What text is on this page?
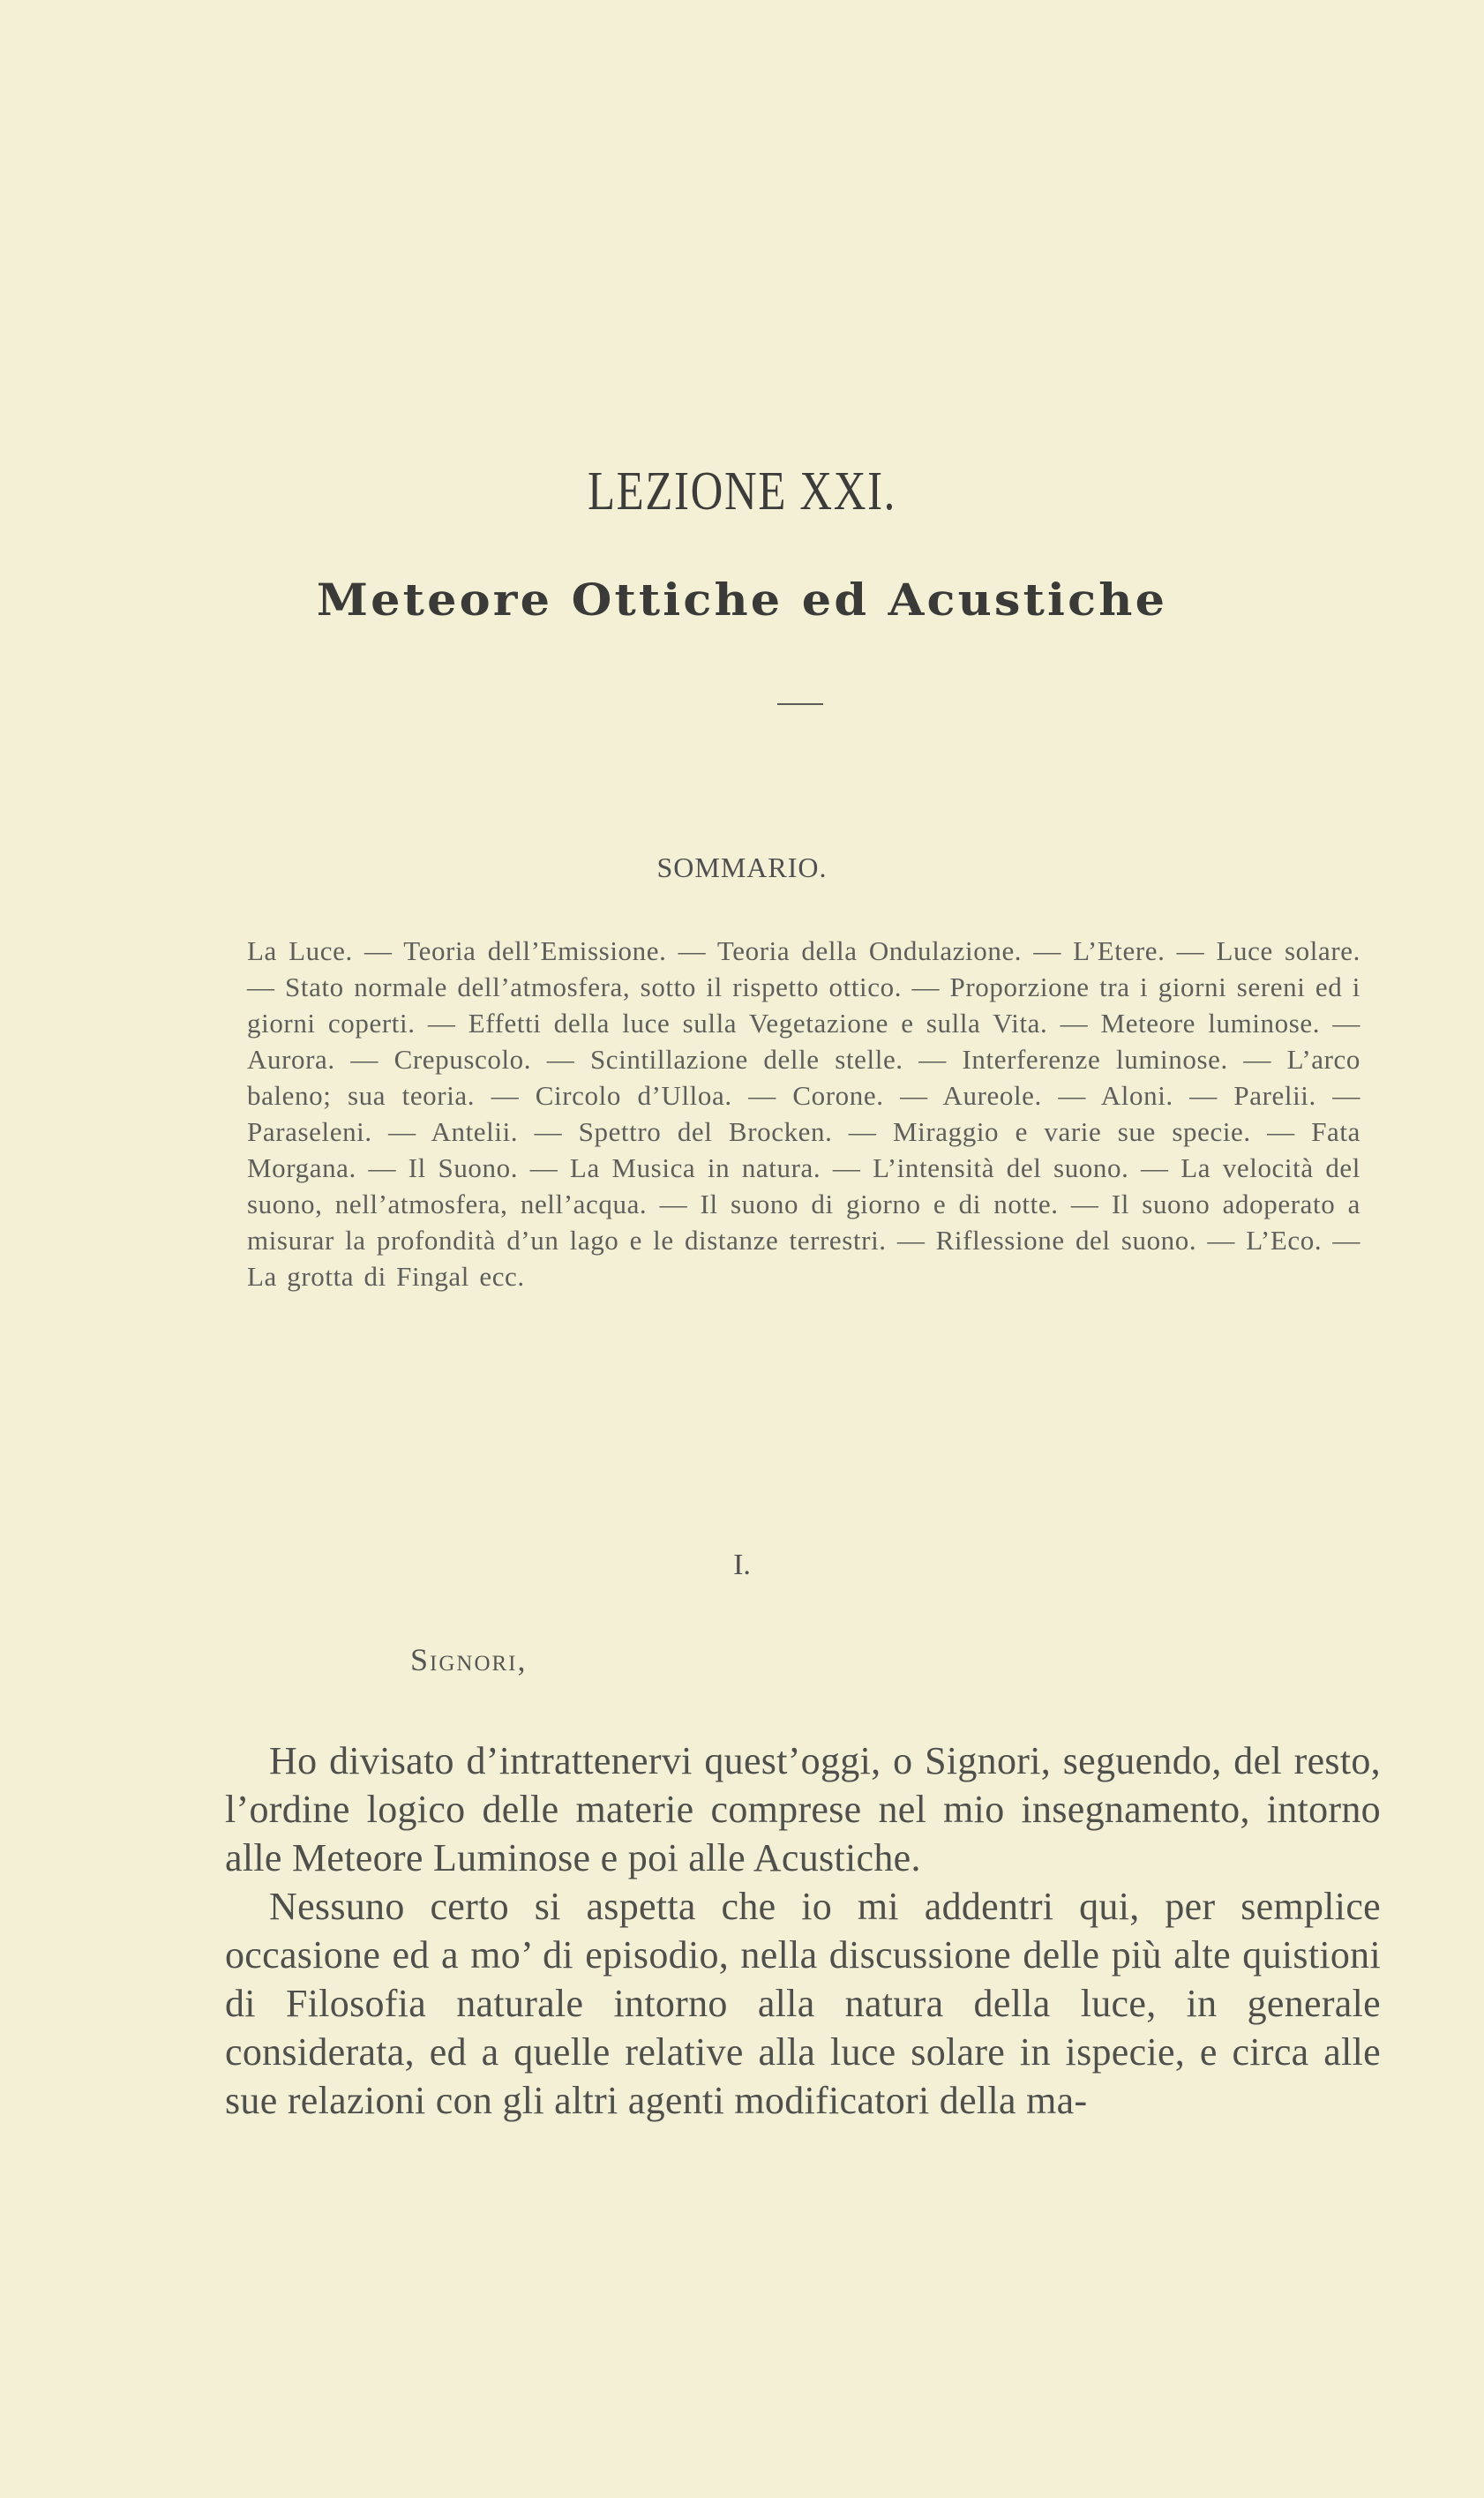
LEZIONE XXI.
Meteore Ottiche ed Acustiche
SOMMARIO.
La Luce. — Teoria dell’Emissione. — Teoria della Ondulazione. — L’Etere. — Luce solare. — Stato normale dell’atmosfera, sotto il rispetto ottico. — Proporzione tra i giorni sereni ed i giorni coperti. — Effetti della luce sulla Vegetazione e sulla Vita. — Meteore luminose. — Aurora. — Crepuscolo. — Scintillazione delle stelle. — Interferenze luminose. — L’arco baleno; sua teoria. — Circolo d’Ulloa. — Corone. — Aureole. — Aloni. — Parelii. — Paraseleni. — Antelii. — Spettro del Brocken. — Miraggio e varie sue specie. — Fata Morgana. — Il Suono. — La Musica in natura. — L’intensità del suono. — La velocità del suono, nell’atmosfera, nell’acqua. — Il suono di giorno e di notte. — Il suono adoperato a misurar la profondità d’un lago e le distanze terrestri. — Riflessione del suono. — L’Eco. — La grotta di Fingal ecc.
I.
Signori,

Ho divisato d’intrattenervi quest’oggi, o Signori, seguendo, del resto, l’ordine logico delle materie comprese nel mio insegnamento, intorno alle Meteore Luminose e poi alle Acustiche.

Nessuno certo si aspetta che io mi addentri qui, per semplice occasione ed a mo’ di episodio, nella discussione delle più alte quistioni di Filosofia naturale intorno alla natura della luce, in generale considerata, ed a quelle relative alla luce solare in ispecie, e circa alle sue relazioni con gli altri agenti modificatori della ma-
